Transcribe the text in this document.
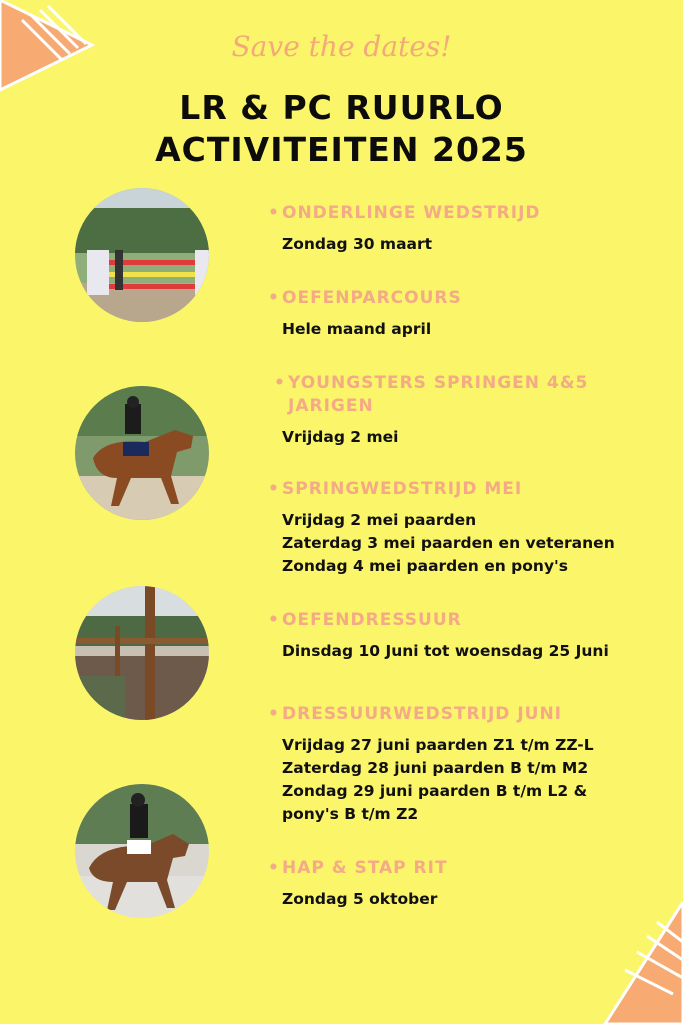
Save the dates!
LR & PC RUURLO
ACTIVITEITEN 2025
• ONDERLINGE WEDSTRIJD
Zondag 30 maart
• OEFENPARCOURS
Hele maand april
• YOUNGSTERS SPRINGEN 4&5 JARIGEN
Vrijdag 2 mei
• SPRINGWEDSTRIJD MEI
Vrijdag 2 mei paarden
Zaterdag 3 mei paarden en veteranen
Zondag 4 mei paarden en pony's
• OEFENDRESSUUR
Dinsdag 10 Juni tot woensdag 25 Juni
• DRESSUURWEDSTRIJD JUNI
Vrijdag 27 juni paarden Z1 t/m ZZ-L
Zaterdag 28 juni paarden B t/m M2
Zondag 29 juni paarden B t/m L2 &
pony's B t/m Z2
• HAP & STAP RIT
Zondag 5 oktober
